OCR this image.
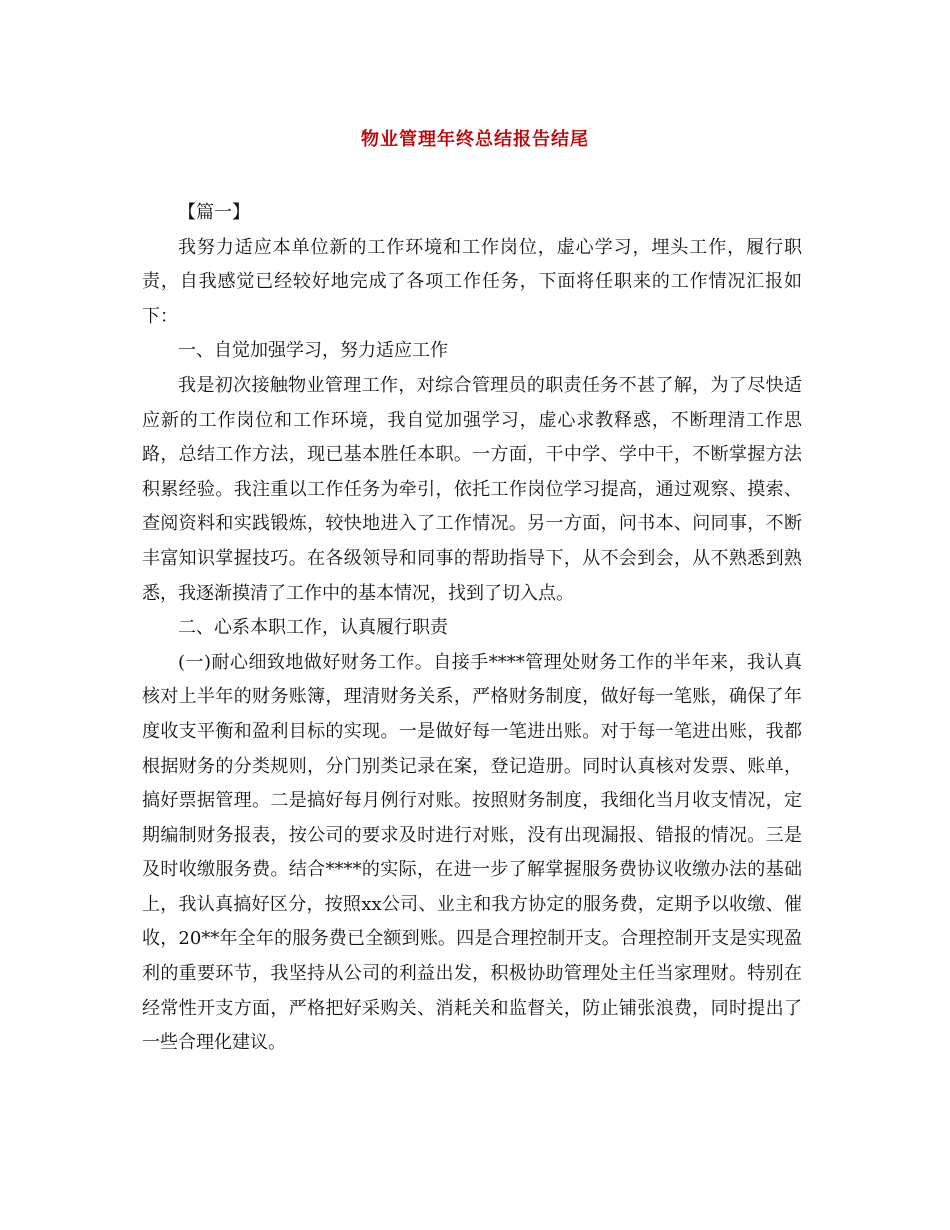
物业管理年终总结报告结尾

【篇一】

我努力适应本单位新的工作环境和工作岗位，虚心学习，埋头工作，履行职责，自我感觉已经较好地完成了各项工作任务，下面将任职来的工作情况汇报如下：

一、自觉加强学习，努力适应工作

我是初次接触物业管理工作，对综合管理员的职责任务不甚了解，为了尽快适应新的工作岗位和工作环境，我自觉加强学习，虚心求教释惑，不断理清工作思路，总结工作方法，现已基本胜任本职。一方面，干中学、学中干，不断掌握方法积累经验。我注重以工作任务为牵引，依托工作岗位学习提高，通过观察、摸索、查阅资料和实践锻炼，较快地进入了工作情况。另一方面，问书本、问同事，不断丰富知识掌握技巧。在各级领导和同事的帮助指导下，从不会到会，从不熟悉到熟悉，我逐渐摸清了工作中的基本情况，找到了切入点。

二、心系本职工作，认真履行职责

(一)耐心细致地做好财务工作。自接手****管理处财务工作的半年来，我认真核对上半年的财务账簿，理清财务关系，严格财务制度，做好每一笔账，确保了年度收支平衡和盈利目标的实现。一是做好每一笔进出账。对于每一笔进出账，我都根据财务的分类规则，分门别类记录在案，登记造册。同时认真核对发票、账单，搞好票据管理。二是搞好每月例行对账。按照财务制度，我细化当月收支情况，定期编制财务报表，按公司的要求及时进行对账，没有出现漏报、错报的情况。三是及时收缴服务费。结合****的实际，在进一步了解掌握服务费协议收缴办法的基础上，我认真搞好区分，按照xx公司、业主和我方协定的服务费，定期予以收缴、催收，20**年全年的服务费已全额到账。四是合理控制开支。合理控制开支是实现盈利的重要环节，我坚持从公司的利益出发，积极协助管理处主任当家理财。特别在经常性开支方面，严格把好采购关、消耗关和监督关，防止铺张浪费，同时提出了一些合理化建议。
